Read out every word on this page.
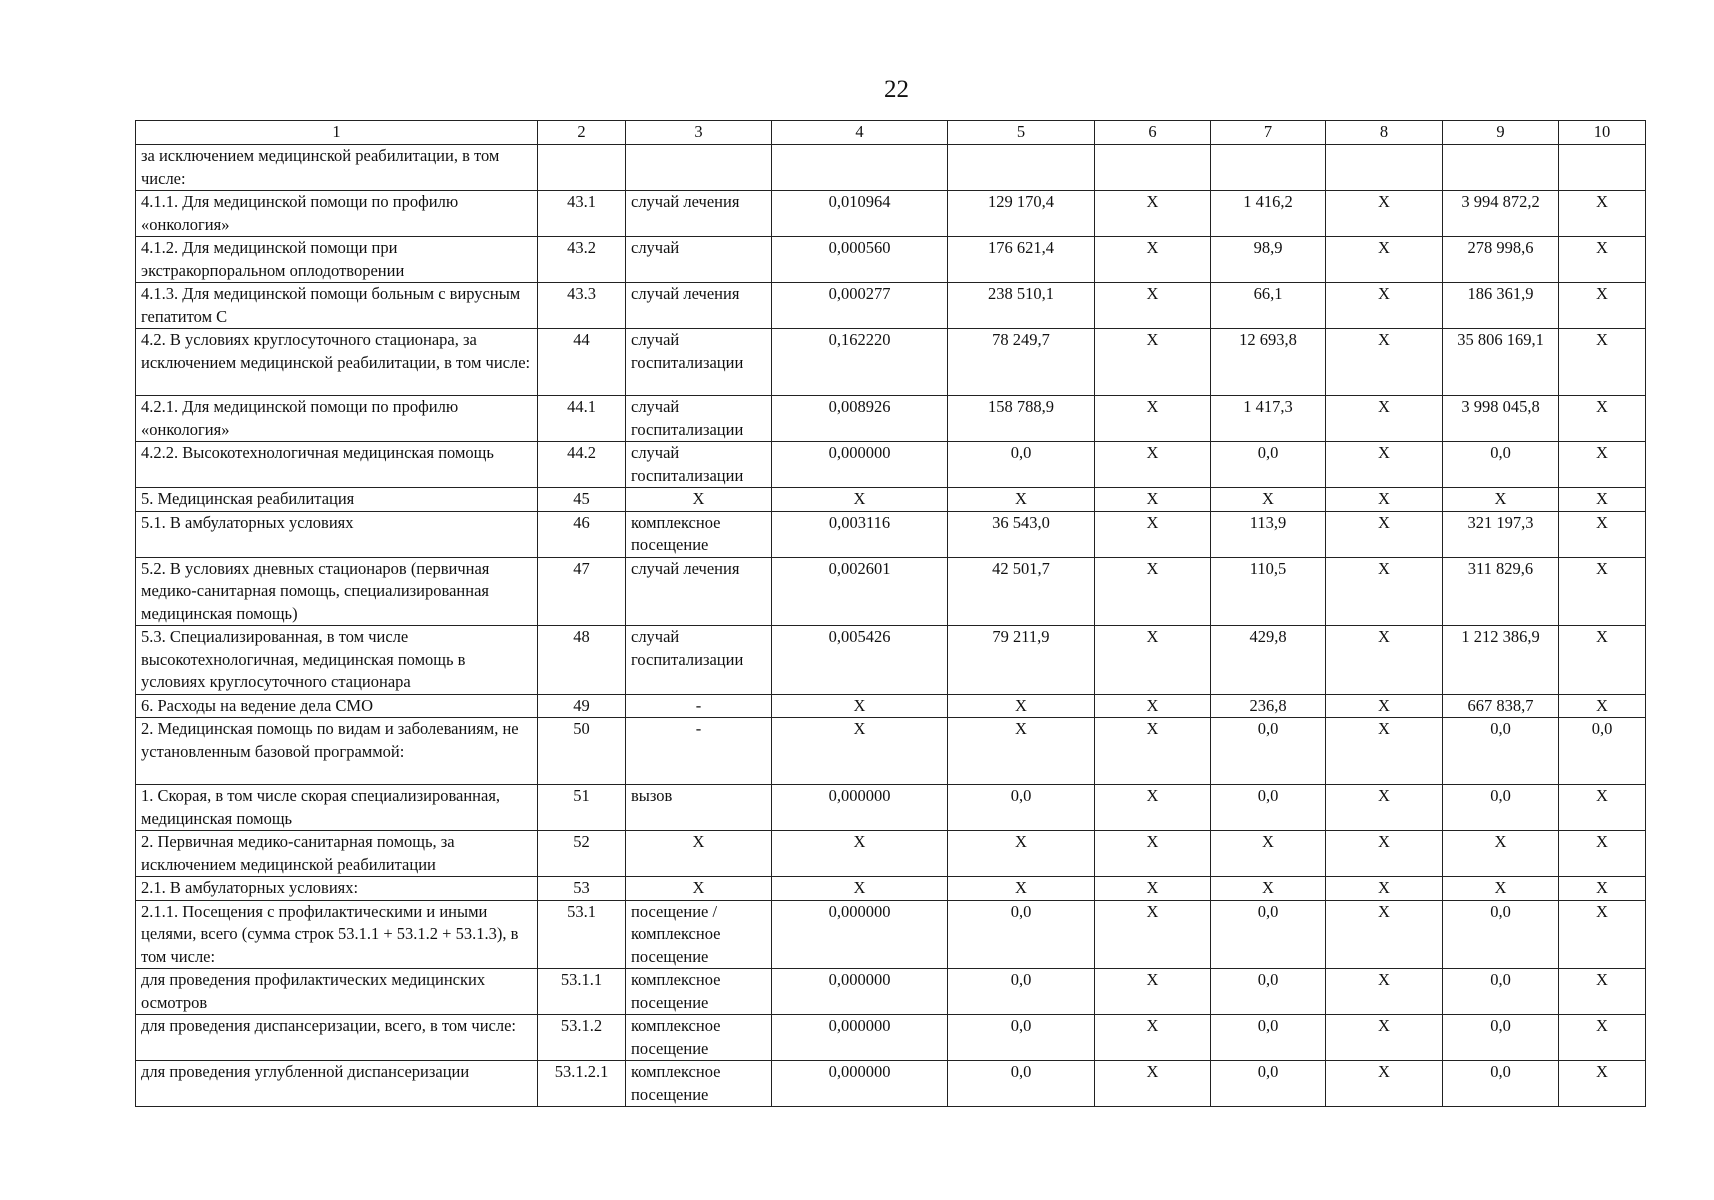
22
1	2	3	4	5	6	7	8	9	10
за исключением медицинской реабилитации, в том числе:									
4.1.1. Для медицинской помощи по профилю «онкология»	43.1	случай лечения	0,010964	129 170,4	X	1 416,2	X	3 994 872,2	X
4.1.2. Для медицинской помощи при экстракорпоральном оплодотворении	43.2	случай	0,000560	176 621,4	X	98,9	X	278 998,6	X
4.1.3. Для медицинской помощи больным с вирусным гепатитом С	43.3	случай лечения	0,000277	238 510,1	X	66,1	X	186 361,9	X
4.2. В условиях круглосуточного стационара, за исключением медицинской реабилитации, в том числе:	44	случай госпитализации	0,162220	78 249,7	X	12 693,8	X	35 806 169,1	X
4.2.1. Для медицинской помощи по профилю «онкология»	44.1	случай госпитализации	0,008926	158 788,9	X	1 417,3	X	3 998 045,8	X
4.2.2. Высокотехнологичная медицинская помощь	44.2	случай госпитализации	0,000000	0,0	X	0,0	X	0,0	X
5. Медицинская реабилитация	45	X	X	X	X	X	X	X	X
5.1. В амбулаторных условиях	46	комплексное посещение	0,003116	36 543,0	X	113,9	X	321 197,3	X
5.2. В условиях дневных стационаров (первичная медико-санитарная помощь, специализированная медицинская помощь)	47	случай лечения	0,002601	42 501,7	X	110,5	X	311 829,6	X
5.3. Специализированная, в том числе высокотехнологичная, медицинская помощь в условиях круглосуточного стационара	48	случай госпитализации	0,005426	79 211,9	X	429,8	X	1 212 386,9	X
6. Расходы на ведение дела СМО	49	-	X	X	X	236,8	X	667 838,7	X
2. Медицинская помощь по видам и заболеваниям, не установленным базовой программой:	50	-	X	X	X	0,0	X	0,0	0,0
1. Скорая, в том числе скорая специализированная, медицинская помощь	51	вызов	0,000000	0,0	X	0,0	X	0,0	X
2. Первичная медико-санитарная помощь, за исключением медицинской реабилитации	52	X	X	X	X	X	X	X	X
2.1. В амбулаторных условиях:	53	X	X	X	X	X	X	X	X
2.1.1. Посещения с профилактическими и иными целями, всего (сумма строк 53.1.1 + 53.1.2 + 53.1.3), в том числе:	53.1	посещение / комплексное посещение	0,000000	0,0	X	0,0	X	0,0	X
для проведения профилактических медицинских осмотров	53.1.1	комплексное посещение	0,000000	0,0	X	0,0	X	0,0	X
для проведения диспансеризации, всего, в том числе:	53.1.2	комплексное посещение	0,000000	0,0	X	0,0	X	0,0	X
для проведения углубленной диспансеризации	53.1.2.1	комплексное посещение	0,000000	0,0	X	0,0	X	0,0	X
